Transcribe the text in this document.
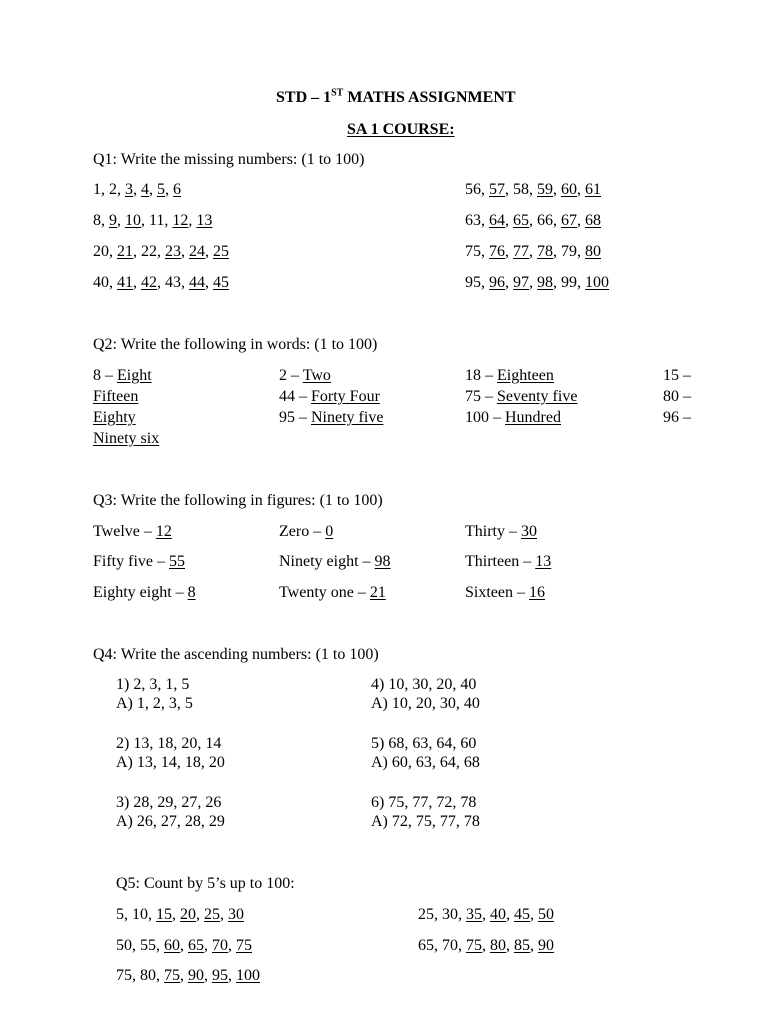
STD – 1ST MATHS ASSIGNMENT
SA 1 COURSE:
Q1: Write the missing numbers: (1 to 100)
1, 2, 3, 4, 5, 6	56, 57, 58, 59, 60, 61
8, 9, 10, 11, 12, 13	63, 64, 65, 66, 67, 68
20, 21, 22, 23, 24, 25	75, 76, 77, 78, 79, 80
40, 41, 42, 43, 44, 45	95, 96, 97, 98, 99, 100
Q2: Write the following in words: (1 to 100)
8 – Eight	2 – Two	18 – Eighteen	15 –
Fifteen	44 – Forty Four	75 – Seventy five	80 –
Eighty	95 – Ninety five	100 – Hundred	96 –
Ninety six
Q3: Write the following in figures: (1 to 100)
Twelve – 12	Zero – 0	Thirty – 30
Fifty five – 55	Ninety eight – 98	Thirteen – 13
Eighty eight – 8	Twenty one – 21	Sixteen – 16
Q4: Write the ascending numbers: (1 to 100)
1) 2, 3, 1, 5
A) 1, 2, 3, 5
4) 10, 30, 20, 40
A) 10, 20, 30, 40
2) 13, 18, 20, 14
A) 13, 14, 18, 20
5) 68, 63, 64, 60
A) 60, 63, 64, 68
3) 28, 29, 27, 26
A) 26, 27, 28, 29
6) 75, 77, 72, 78
A) 72, 75, 77, 78
Q5: Count by 5’s up to 100:
5, 10, 15, 20, 25, 30	25, 30, 35, 40, 45, 50
50, 55, 60, 65, 70, 75	65, 70, 75, 80, 85, 90
75, 80, 75, 90, 95, 100
